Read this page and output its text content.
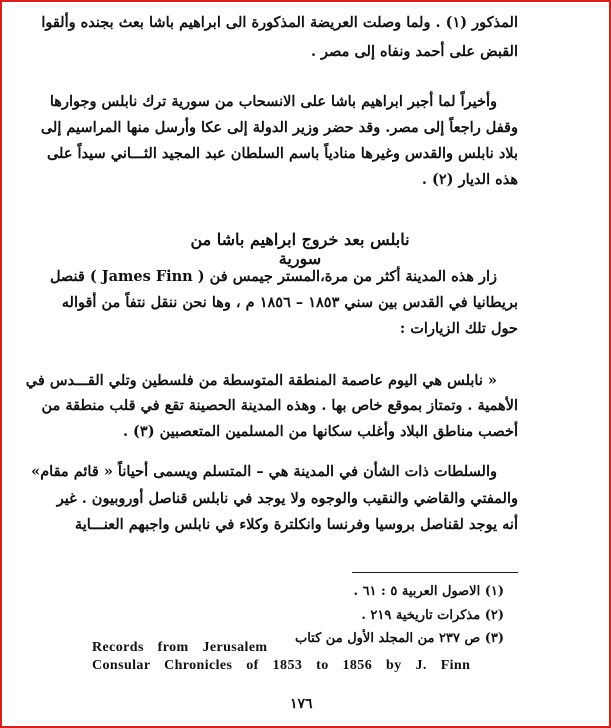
المذكور (١) . ولما وصلت العريضة المذكورة الى ابراهيم باشا بعث بجنده وألقوا
القبض على أحمد ونفاه إلى مصر .
وأخيراً لما أجبر ابراهيم باشا على الانسحاب من سورية ترك نابلس وجوارها
وقفل راجعاً إلى مصر. وقد حضر وزير الدولة إلى عكا وأرسل منها المراسيم إلى
بلاد نابلس والقدس وغيرها منادياً باسم السلطان عبد المجيد الثـــاني سيداً على
هذه الديار (٢) .
نابلس بعد خروج ابراهيم باشا من سورية
زار هذه المدينة أكثر من مرة،المستر جيمس فن ( James Finn ) قنصل
بريطانيا في القدس بين سني ١٨٥٣ – ١٨٥٦ م ، وها نحن ننقل نتفاً من أقواله
حول تلك الزيارات :
« نابلس هي اليوم عاصمة المنطقة المتوسطة من فلسطين وتلي القـــدس في
الأهمية . وتمتاز بموقع خاص بها . وهذه المدينة الحصينة تقع في قلب منطقة من
أخصب مناطق البلاد وأغلب سكانها من المسلمين المتعصبين (٣) .
والسلطات ذات الشأن في المدينة هي – المتسلم ويسمى أحياناً « قائم مقام»
والمفتي والقاضي والنقيب والوجوه ولا يوجد في نابلس قناصل أوروبيون . غير
أنه يوجد لقناصل بروسيا وفرنسا وانكلترة وكلاء في نابلس واجبهم العنـــاية
(١) الاصول العربية ٥ : ٦١ .
(٢) مذكرات تاريخية ٢١٩ .
(٣) ص ٢٣٧ من المجلد الأول من كتاب
Records from Jerusalem
Consular Chronicles of 1853 to 1856 by J. Finn
١٧٦
